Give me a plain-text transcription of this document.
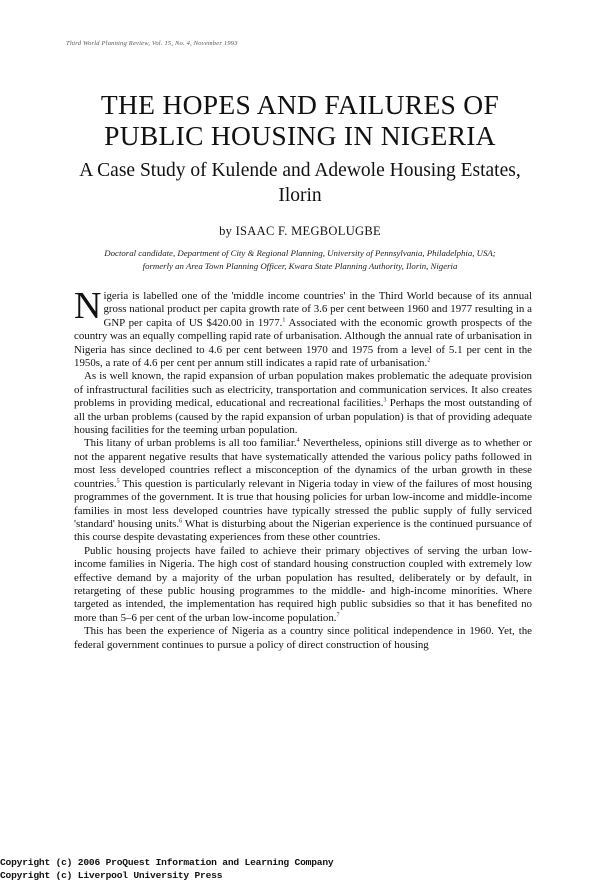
Third World Planning Review, Vol. 15, No. 4, November 1993
THE HOPES AND FAILURES OF
PUBLIC HOUSING IN NIGERIA
A Case Study of Kulende and Adewole Housing Estates,
Ilorin
by ISAAC F. MEGBOLUGBE
Doctoral candidate, Department of City & Regional Planning, University of Pennsylvania, Philadelphia, USA;
formerly an Area Town Planning Officer, Kwara State Planning Authority, Ilorin, Nigeria

Nigeria is labelled one of the 'middle income countries' in the Third World because of its annual gross national product per capita growth rate of 3.6 per cent between 1960 and 1977 resulting in a GNP per capita of US $420.00 in 1977.$^1$ Associated with the economic growth prospects of the country was an equally compelling rapid rate of urbanisation. Although the annual rate of urbanisation in Nigeria has since declined to 4.6 per cent between 1970 and 1975 from a level of 5.1 per cent in the 1950s, a rate of 4.6 per cent per annum still indicates a rapid rate of urbanisation.$^2$

As is well known, the rapid expansion of urban population makes problematic the adequate provision of infrastructural facilities such as electricity, transportation and communication services. It also creates problems in providing medical, educational and recreational facilities.$^3$ Perhaps the most outstanding of all the urban problems (caused by the rapid expansion of urban population) is that of providing adequate housing facilities for the teeming urban population.

This litany of urban problems is all too familiar.$^4$ Nevertheless, opinions still diverge as to whether or not the apparent negative results that have systematically attended the various policy paths followed in most less developed countries reflect a misconception of the dynamics of the urban growth in these countries.$^5$ This question is particularly relevant in Nigeria today in view of the failures of most housing programmes of the government. It is true that housing policies for urban low-income and middle-income families in most less developed countries have typically stressed the public supply of fully serviced 'standard' housing units.$^6$ What is disturbing about the Nigerian experience is the continued pursuance of this course despite devastating experiences from these other countries.

Public housing projects have failed to achieve their primary objectives of serving the urban low-income families in Nigeria. The high cost of standard housing construction coupled with extremely low effective demand by a majority of the urban population has resulted, deliberately or by default, in retargeting of these public housing programmes to the middle- and high-income minorities. Where targeted as intended, the implementation has required high public subsidies so that it has benefited no more than 5–6 per cent of the urban low-income population.$^7$

This has been the experience of Nigeria as a country since political independence in 1960. Yet, the federal government continues to pursue a policy of direct construction of housing

Copyright (c) 2006 ProQuest Information and Learning Company
Copyright (c) Liverpool University Press
